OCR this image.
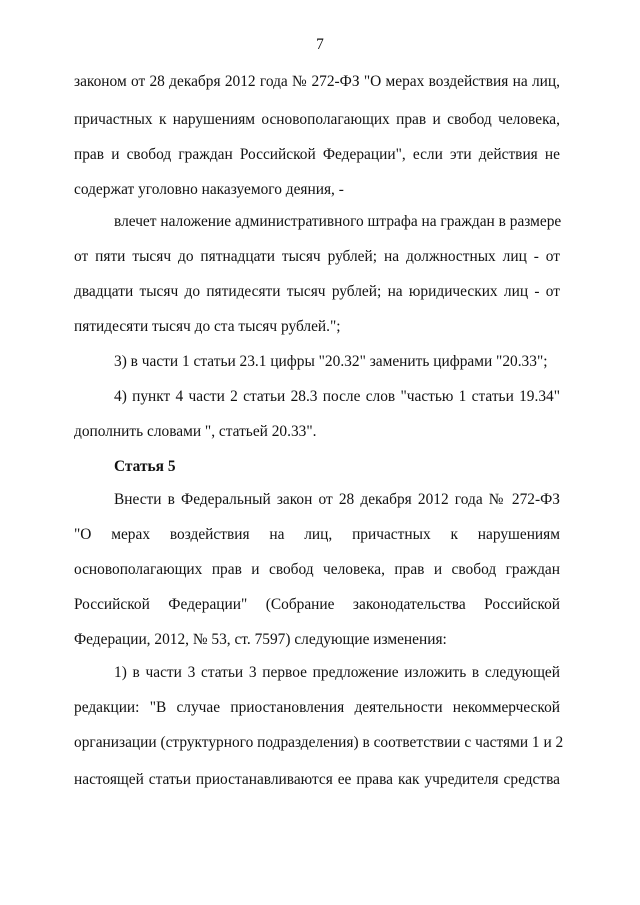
7
законом от 28 декабря 2012 года № 272-ФЗ "О мерах воздействия на лиц,
причастных к нарушениям основополагающих прав и свобод человека,
прав и свобод граждан Российской Федерации", если эти действия не
содержат уголовно наказуемого деяния, -
влечет наложение административного штрафа на граждан в размере
от пяти тысяч до пятнадцати тысяч рублей; на должностных лиц - от
двадцати тысяч до пятидесяти тысяч рублей; на юридических лиц - от
пятидесяти тысяч до ста тысяч рублей.";
3) в части 1 статьи 23.1 цифры "20.32" заменить цифрами "20.33";
4) пункт 4 части 2 статьи 28.3 после слов "частью 1 статьи 19.34"
дополнить словами ", статьей 20.33".
Статья 5
Внести в Федеральный закон от 28 декабря 2012 года № 272-ФЗ
"О мерах воздействия на лиц, причастных к нарушениям
основополагающих прав и свобод человека, прав и свобод граждан
Российской Федерации" (Собрание законодательства Российской
Федерации, 2012, № 53, ст. 7597) следующие изменения:
1) в части 3 статьи 3 первое предложение изложить в следующей
редакции: "В случае приостановления деятельности некоммерческой
организации (структурного подразделения) в соответствии с частями 1 и 2
настоящей статьи приостанавливаются ее права как учредителя средства
